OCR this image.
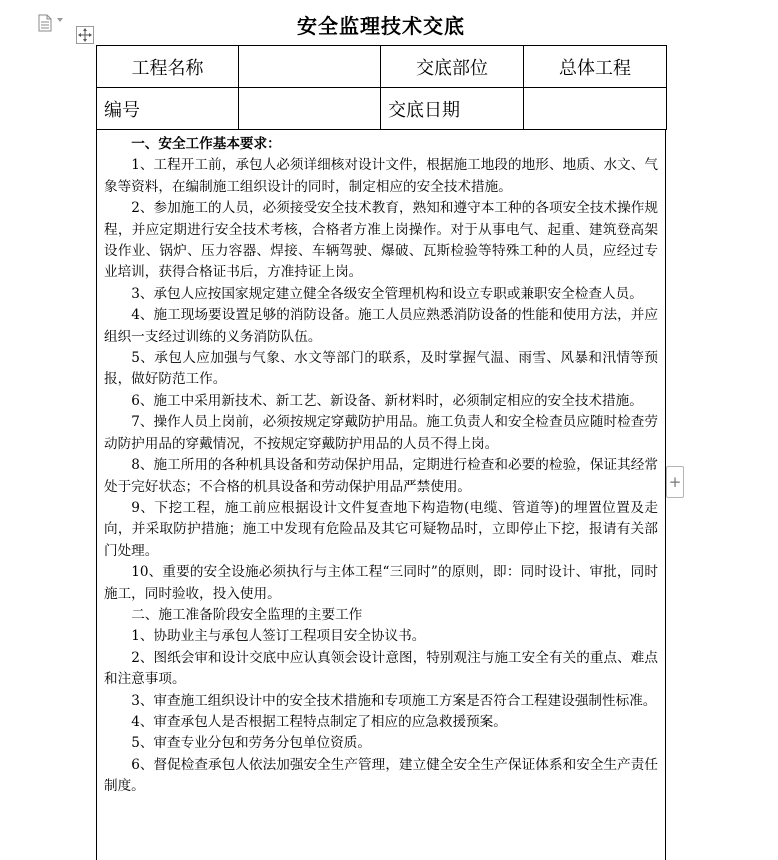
安全监理技术交底
工程名称		交底部位	总体工程
编号		交底日期	

一、安全工作基本要求：

1、工程开工前，承包人必须详细核对设计文件，根据施工地段的地形、地质、水文、气象等资料，在编制施工组织设计的同时，制定相应的安全技术措施。

2、参加施工的人员，必须接受安全技术教育，熟知和遵守本工种的各项安全技术操作规程，并应定期进行安全技术考核，合格者方准上岗操作。对于从事电气、起重、建筑登高架设作业、锅炉、压力容器、焊接、车辆驾驶、爆破、瓦斯检验等特殊工种的人员，应经过专业培训，获得合格证书后，方准持证上岗。

3、承包人应按国家规定建立健全各级安全管理机构和设立专职或兼职安全检查人员。

4、施工现场要设置足够的消防设备。施工人员应熟悉消防设备的性能和使用方法，并应组织一支经过训练的义务消防队伍。

5、承包人应加强与气象、水文等部门的联系，及时掌握气温、雨雪、风暴和汛情等预报，做好防范工作。

6、施工中采用新技术、新工艺、新设备、新材料时，必须制定相应的安全技术措施。

7、操作人员上岗前，必须按规定穿戴防护用品。施工负责人和安全检查员应随时检查劳动防护用品的穿戴情况，不按规定穿戴防护用品的人员不得上岗。

8、施工所用的各种机具设备和劳动保护用品，定期进行检查和必要的检验，保证其经常处于完好状态；不合格的机具设备和劳动保护用品严禁使用。

9、下挖工程，施工前应根据设计文件复查地下构造物(电缆、管道等)的埋置位置及走向，并采取防护措施；施工中发现有危险品及其它可疑物品时，立即停止下挖，报请有关部门处理。

10、重要的安全设施必须执行与主体工程“三同时”的原则，即：同时设计、审批，同时施工，同时验收，投入使用。

二、施工准备阶段安全监理的主要工作

1、协助业主与承包人签订工程项目安全协议书。

2、图纸会审和设计交底中应认真领会设计意图，特别观注与施工安全有关的重点、难点和注意事项。

3、审查施工组织设计中的安全技术措施和专项施工方案是否符合工程建设强制性标准。

4、审查承包人是否根据工程特点制定了相应的应急救援预案。

5、审查专业分包和劳务分包单位资质。

6、督促检查承包人依法加强安全生产管理，建立健全安全生产保证体系和安全生产责任制度。

+
